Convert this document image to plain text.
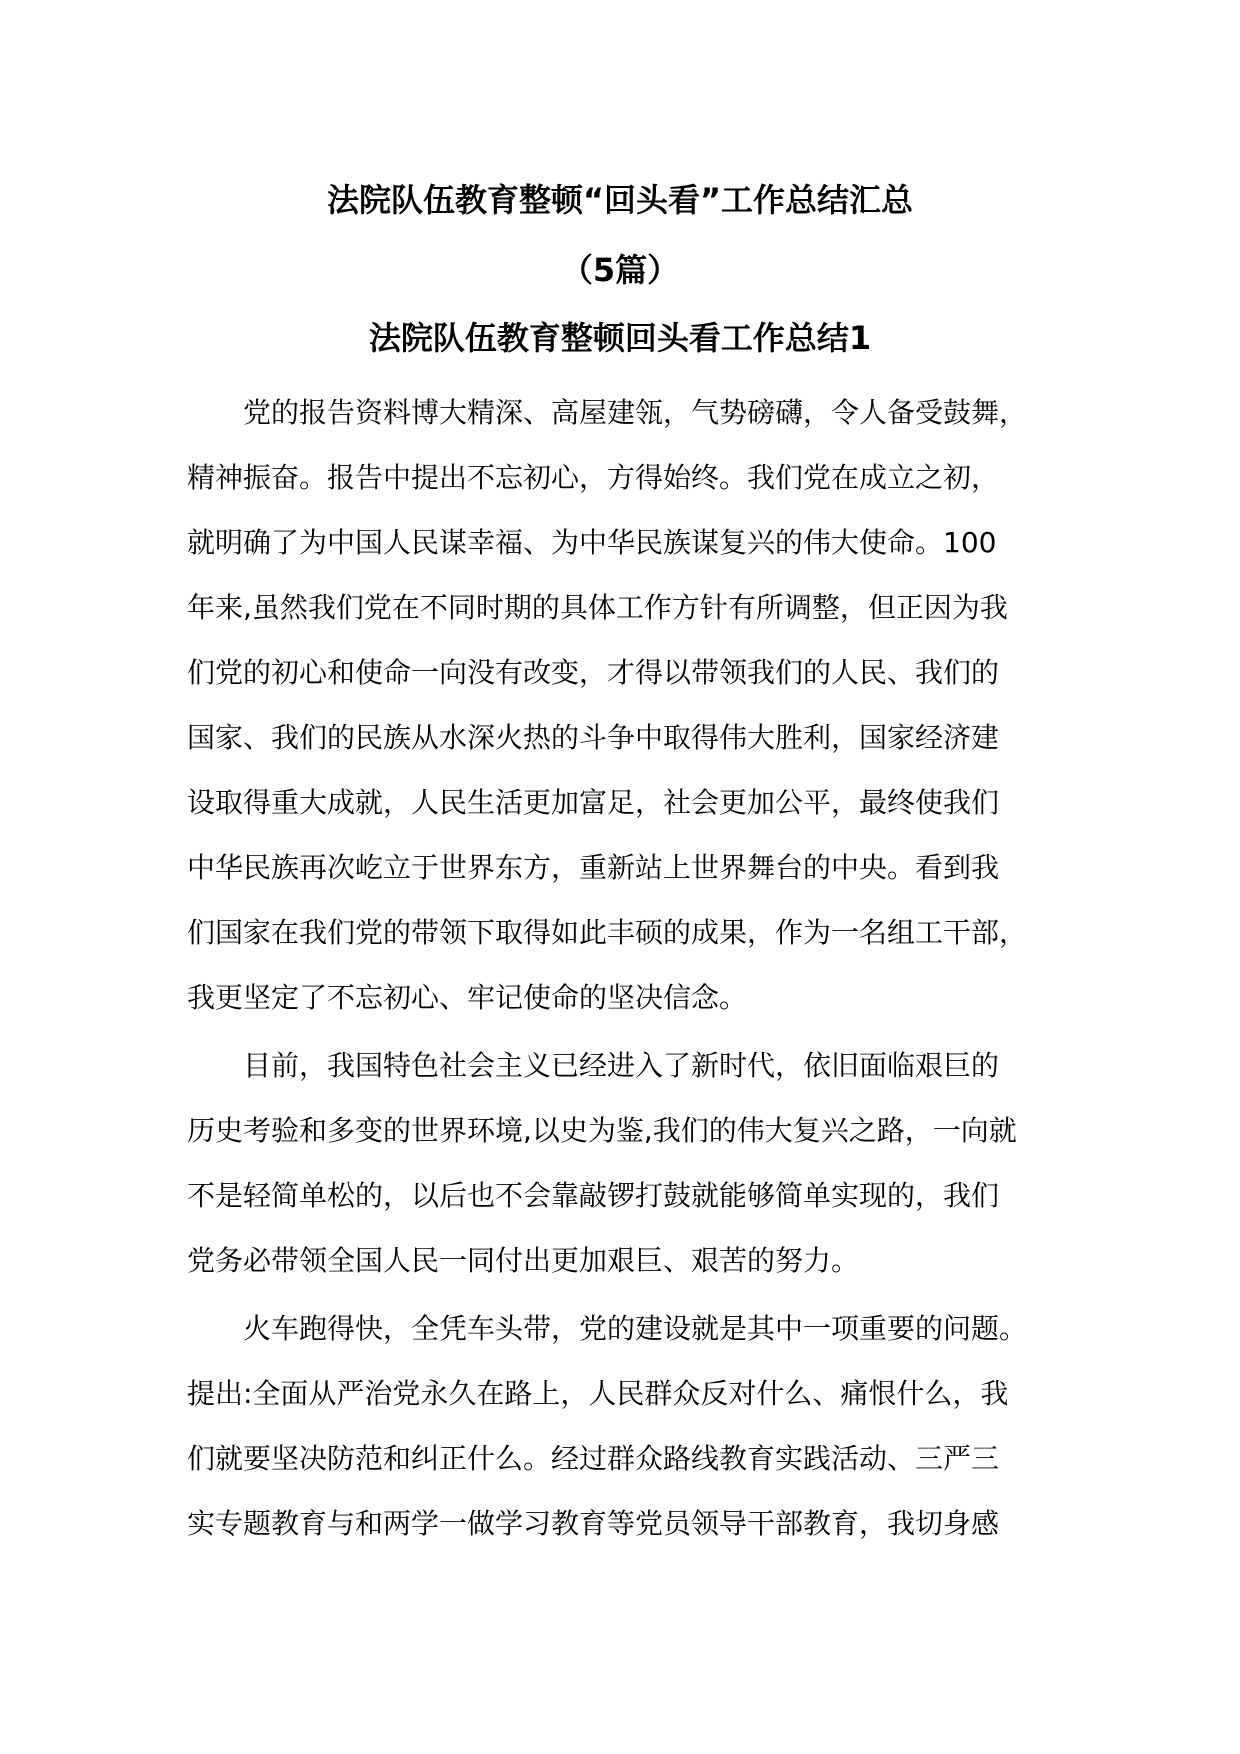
法院队伍教育整顿“回头看”工作总结汇总
（5篇）
法院队伍教育整顿回头看工作总结1

党的报告资料博大精深、高屋建瓴，气势磅礴，令人备受鼓舞，
精神振奋。报告中提出不忘初心，方得始终。我们党在成立之初，
就明确了为中国人民谋幸福、为中华民族谋复兴的伟大使命。100
年来,虽然我们党在不同时期的具体工作方针有所调整，但正因为我
们党的初心和使命一向没有改变，才得以带领我们的人民、我们的
国家、我们的民族从水深火热的斗争中取得伟大胜利，国家经济建
设取得重大成就，人民生活更加富足，社会更加公平，最终使我们
中华民族再次屹立于世界东方，重新站上世界舞台的中央。看到我
们国家在我们党的带领下取得如此丰硕的成果，作为一名组工干部，
我更坚定了不忘初心、牢记使命的坚决信念。

目前，我国特色社会主义已经进入了新时代，依旧面临艰巨的
历史考验和多变的世界环境,以史为鉴,我们的伟大复兴之路，一向就
不是轻简单松的，以后也不会靠敲锣打鼓就能够简单实现的，我们
党务必带领全国人民一同付出更加艰巨、艰苦的努力。

火车跑得快，全凭车头带，党的建设就是其中一项重要的问题。
提出:全面从严治党永久在路上，人民群众反对什么、痛恨什么，我
们就要坚决防范和纠正什么。经过群众路线教育实践活动、三严三
实专题教育与和两学一做学习教育等党员领导干部教育，我切身感
